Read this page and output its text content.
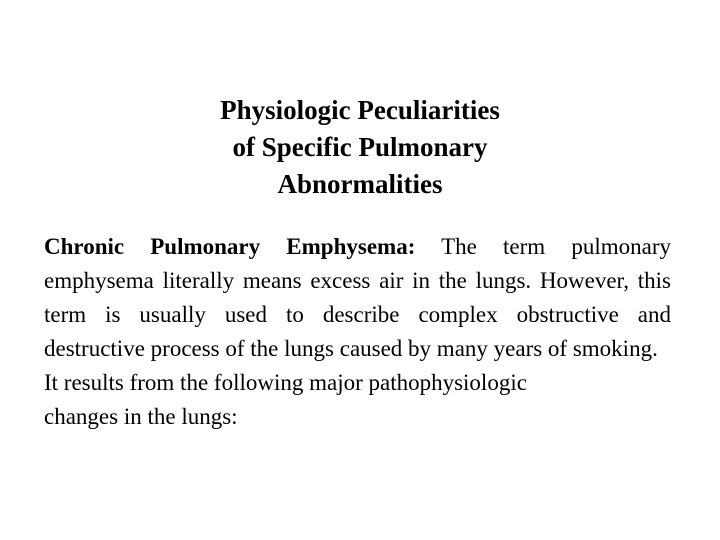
Physiologic Peculiarities
of Specific Pulmonary
Abnormalities

Chronic Pulmonary Emphysema: The term pulmonary emphysema literally means excess air in the lungs. However, this term is usually used to describe complex obstructive and destructive process of the lungs caused by many years of smoking.

It results from the following major pathophysiologic
changes in the lungs:
